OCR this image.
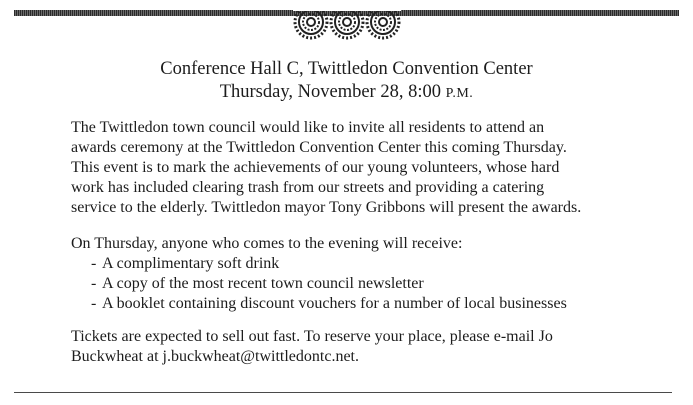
Conference Hall C, Twittledon Convention Center
Thursday, November 28, 8:00 P.M.
The Twittledon town council would like to invite all residents to attend an
awards ceremony at the Twittledon Convention Center this coming Thursday.
This event is to mark the achievements of our young volunteers, whose hard
work has included clearing trash from our streets and providing a catering
service to the elderly. Twittledon mayor Tony Gribbons will present the awards.
On Thursday, anyone who comes to the evening will receive:
- A complimentary soft drink
- A copy of the most recent town council newsletter
- A booklet containing discount vouchers for a number of local businesses
Tickets are expected to sell out fast. To reserve your place, please e-mail Jo
Buckwheat at j.buckwheat@twittledontc.net.
